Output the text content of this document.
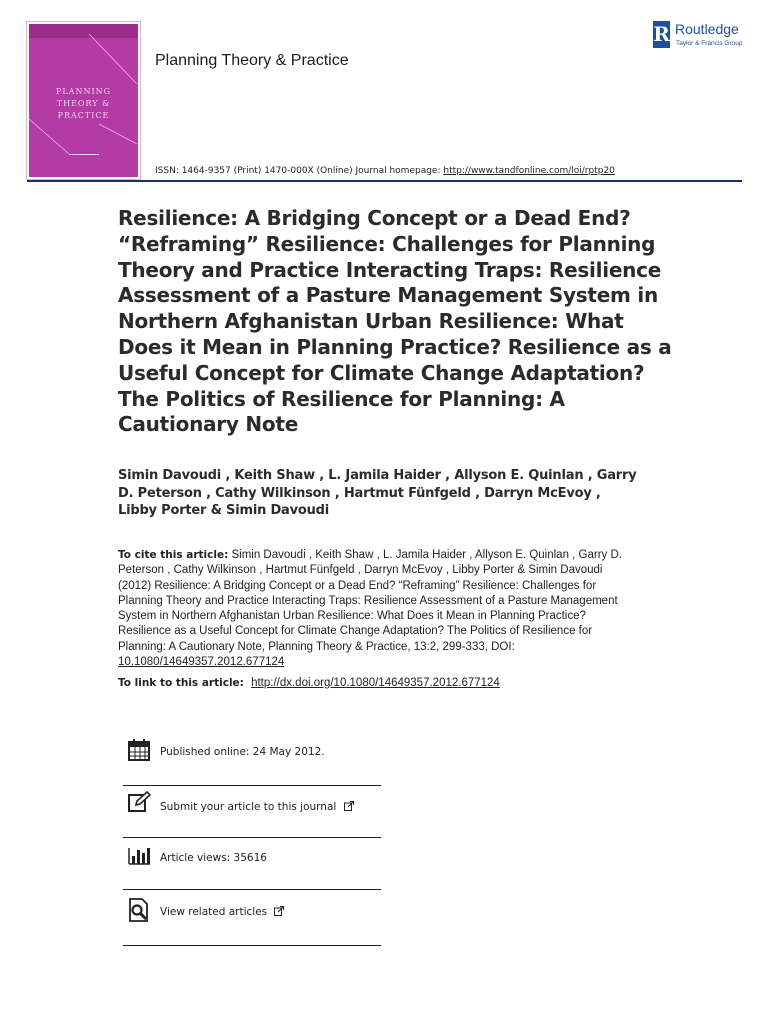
PLANNING
THEORY &
PRACTICE
Planning Theory & Practice
R Routledge
Taylor & Francis Group
ISSN: 1464-9357 (Print) 1470-000X (Online) Journal homepage: http://www.tandfonline.com/loi/rptp20
Resilience: A Bridging Concept or a Dead End? “Reframing” Resilience: Challenges for Planning Theory and Practice Interacting Traps: Resilience Assessment of a Pasture Management System in Northern Afghanistan Urban Resilience: What Does it Mean in Planning Practice? Resilience as a Useful Concept for Climate Change Adaptation? The Politics of Resilience for Planning: A Cautionary Note
Simin Davoudi , Keith Shaw , L. Jamila Haider , Allyson E. Quinlan , Garry D. Peterson , Cathy Wilkinson , Hartmut Fünfgeld , Darryn McEvoy , Libby Porter & Simin Davoudi
To cite this article: Simin Davoudi , Keith Shaw , L. Jamila Haider , Allyson E. Quinlan , Garry D. Peterson , Cathy Wilkinson , Hartmut Fünfgeld , Darryn McEvoy , Libby Porter & Simin Davoudi (2012) Resilience: A Bridging Concept or a Dead End? “Reframing” Resilience: Challenges for Planning Theory and Practice Interacting Traps: Resilience Assessment of a Pasture Management System in Northern Afghanistan Urban Resilience: What Does it Mean in Planning Practice? Resilience as a Useful Concept for Climate Change Adaptation? The Politics of Resilience for Planning: A Cautionary Note, Planning Theory & Practice, 13:2, 299-333, DOI: 10.1080/14649357.2012.677124
To link to this article: http://dx.doi.org/10.1080/14649357.2012.677124
Published online: 24 May 2012.
Submit your article to this journal
Article views: 35616
View related articles
